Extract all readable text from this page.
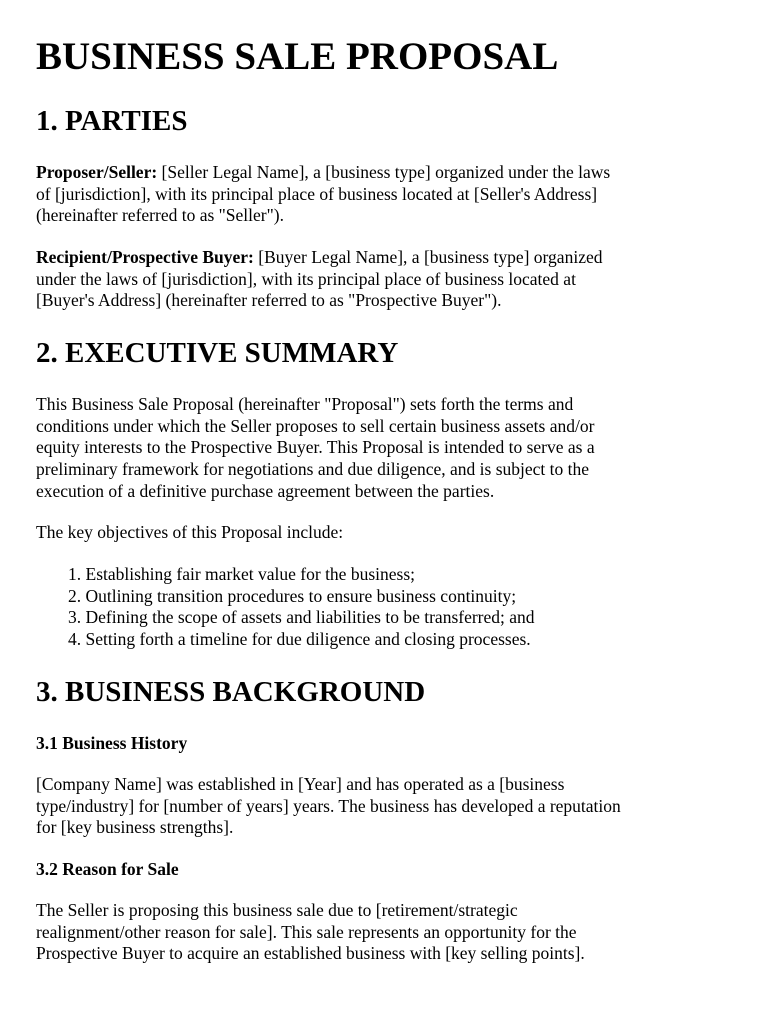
BUSINESS SALE PROPOSAL
1. PARTIES

Proposer/Seller: [Seller Legal Name], a [business type] organized under the laws
of [jurisdiction], with its principal place of business located at [Seller's Address]
(hereinafter referred to as "Seller").

Recipient/Prospective Buyer: [Buyer Legal Name], a [business type] organized
under the laws of [jurisdiction], with its principal place of business located at
[Buyer's Address] (hereinafter referred to as "Prospective Buyer").

2. EXECUTIVE SUMMARY

This Business Sale Proposal (hereinafter "Proposal") sets forth the terms and
conditions under which the Seller proposes to sell certain business assets and/or
equity interests to the Prospective Buyer. This Proposal is intended to serve as a
preliminary framework for negotiations and due diligence, and is subject to the
execution of a definitive purchase agreement between the parties.

The key objectives of this Proposal include:

1. Establishing fair market value for the business;
2. Outlining transition procedures to ensure business continuity;
3. Defining the scope of assets and liabilities to be transferred; and
4. Setting forth a timeline for due diligence and closing processes.
3. BUSINESS BACKGROUND
3.1 Business History

[Company Name] was established in [Year] and has operated as a [business
type/industry] for [number of years] years. The business has developed a reputation
for [key business strengths].

3.2 Reason for Sale

The Seller is proposing this business sale due to [retirement/strategic
realignment/other reason for sale]. This sale represents an opportunity for the
Prospective Buyer to acquire an established business with [key selling points].
